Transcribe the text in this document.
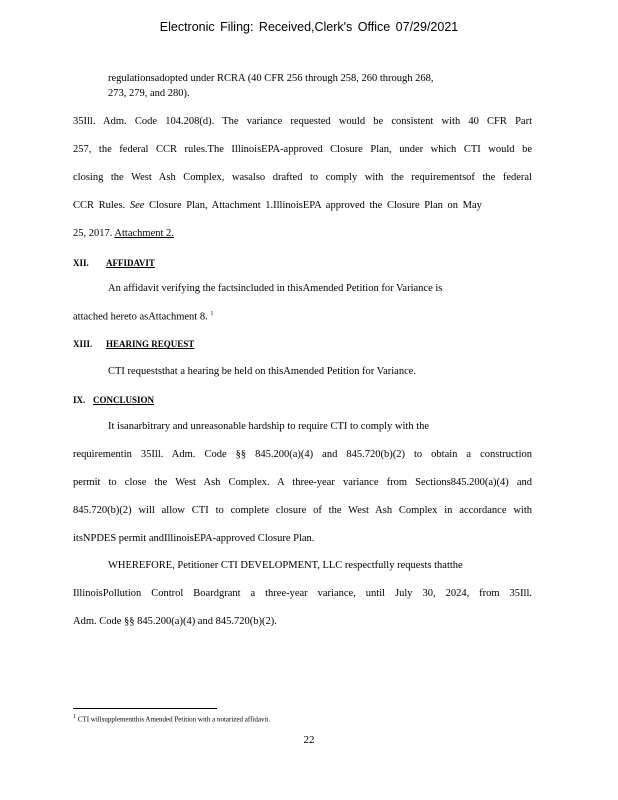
Electronic Filing: Received,Clerk's Office 07/29/2021
regulationsadopted under RCRA (40 CFR 256 through 258, 260 through 268,
273, 279, and 280).
35Ill. Adm. Code 104.208(d). The variance requested would be consistent with 40 CFR Part
257, the federal CCR rules.The IllinoisEPA-approved Closure Plan, under which CTI would be
closing the West Ash Complex, wasalso drafted to comply with the requirementsof the federal
CCR Rules. See Closure Plan, Attachment 1.IllinoisEPA approved the Closure Plan on May
25, 2017. Attachment 2.
XII. AFFIDAVIT
An affidavit verifying the factsincluded in thisAmended Petition for Variance is
attached hereto asAttachment 8. $^1$
XIII. HEARING REQUEST
CTI requeststhat a hearing be held on thisAmended Petition for Variance.
IX. CONCLUSION
It isanarbitrary and unreasonable hardship to require CTI to comply with the
requirementin 35Ill. Adm. Code §§ 845.200(a)(4) and 845.720(b)(2) to obtain a construction
permit to close the West Ash Complex. A three-year variance from Sections845.200(a)(4) and
845.720(b)(2) will allow CTI to complete closure of the West Ash Complex in accordance with
itsNPDES permit andIllinoisEPA-approved Closure Plan.
WHEREFORE, Petitioner CTI DEVELOPMENT, LLC respectfully requests thatthe
IllinoisPollution Control Boardgrant a three-year variance, until July 30, 2024, from 35Ill.
Adm. Code §§ 845.200(a)(4) and 845.720(b)(2).
1 CTI willsupplementthis Amended Petition with a notarized affidavit.
22
